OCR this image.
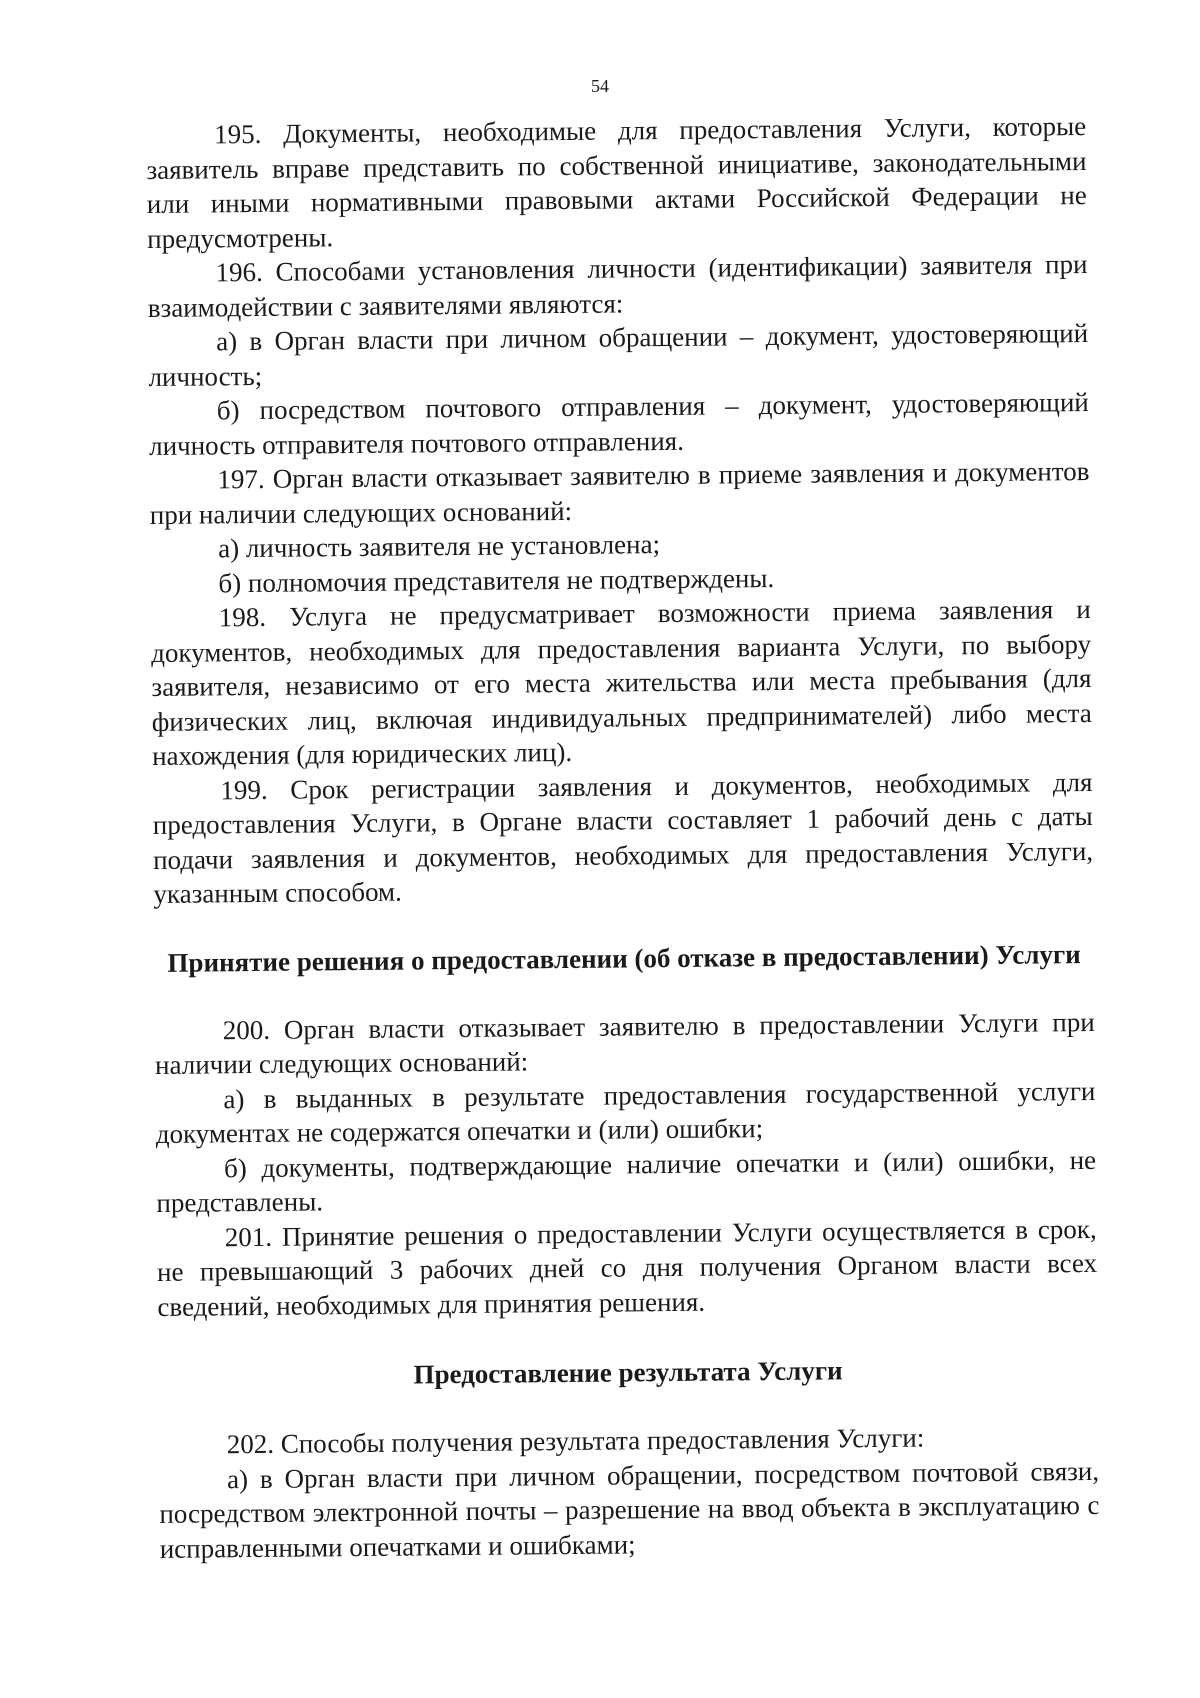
54

195. Документы, необходимые для предоставления Услуги, которые заявитель вправе представить по собственной инициативе, законодательными или иными нормативными правовыми актами Российской Федерации не предусмотрены.

196. Способами установления личности (идентификации) заявителя при взаимодействии с заявителями являются:

а) в Орган власти при личном обращении – документ, удостоверяющий личность;

б) посредством почтового отправления – документ, удостоверяющий личность отправителя почтового отправления.

197. Орган власти отказывает заявителю в приеме заявления и документов при наличии следующих оснований:

а) личность заявителя не установлена;

б) полномочия представителя не подтверждены.

198. Услуга не предусматривает возможности приема заявления и документов, необходимых для предоставления варианта Услуги, по выбору заявителя, независимо от его места жительства или места пребывания (для физических лиц, включая индивидуальных предпринимателей) либо места нахождения (для юридических лиц).

199. Срок регистрации заявления и документов, необходимых для предоставления Услуги, в Органе власти составляет 1 рабочий день с даты подачи заявления и документов, необходимых для предоставления Услуги, указанным способом.

Принятие решения о предоставлении (об отказе в предоставлении) Услуги

200. Орган власти отказывает заявителю в предоставлении Услуги при наличии следующих оснований:

а) в выданных в результате предоставления государственной услуги документах не содержатся опечатки и (или) ошибки;

б) документы, подтверждающие наличие опечатки и (или) ошибки, не представлены.

201. Принятие решения о предоставлении Услуги осуществляется в срок, не превышающий 3 рабочих дней со дня получения Органом власти всех сведений, необходимых для принятия решения.

Предоставление результата Услуги

202. Способы получения результата предоставления Услуги:

а) в Орган власти при личном обращении, посредством почтовой связи, посредством электронной почты – разрешение на ввод объекта в эксплуатацию с исправленными опечатками и ошибками;
